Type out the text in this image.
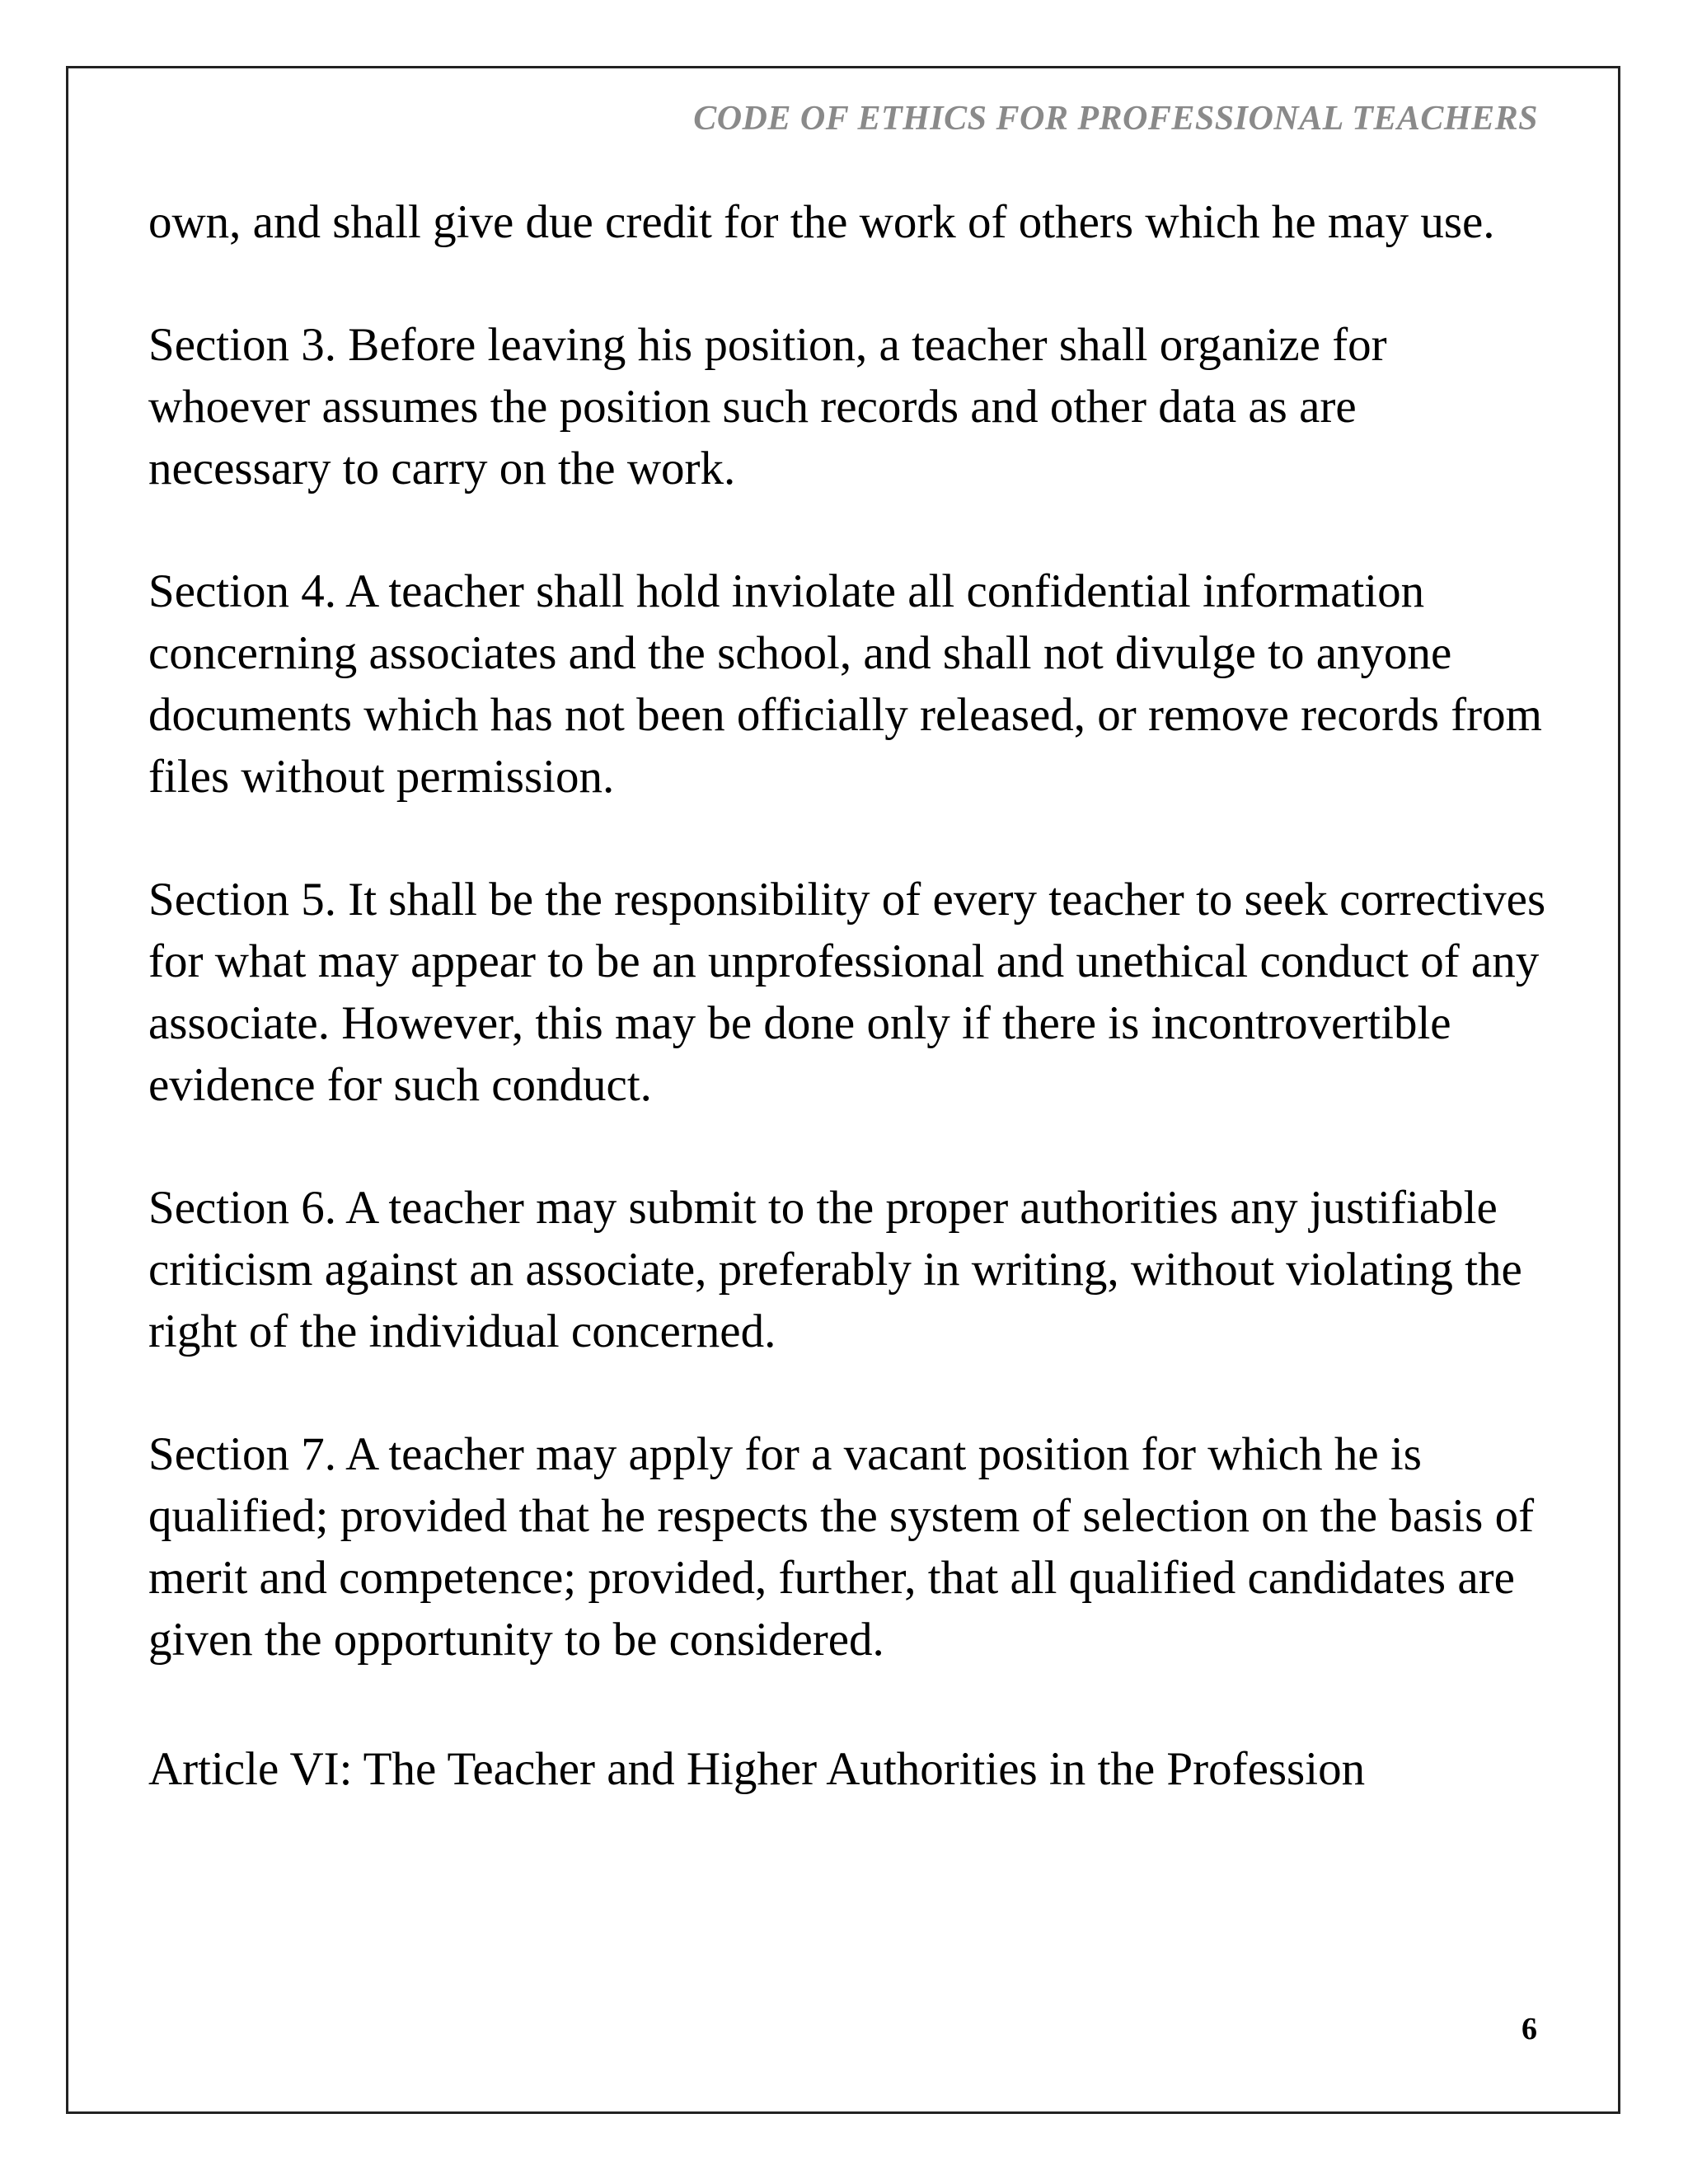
CODE OF ETHICS FOR PROFESSIONAL TEACHERS

own, and shall give due credit for the work of others which he may use.

Section 3. Before leaving his position, a teacher shall organize for whoever assumes the position such records and other data as are necessary to carry on the work.

Section 4. A teacher shall hold inviolate all confidential information concerning associates and the school, and shall not divulge to anyone documents which has not been officially released, or remove records from files without permission.

Section 5. It shall be the responsibility of every teacher to seek correctives for what may appear to be an unprofessional and unethical conduct of any associate. However, this may be done only if there is incontrovertible evidence for such conduct.

Section 6. A teacher may submit to the proper authorities any justifiable criticism against an associate, preferably in writing, without violating the right of the individual concerned.

Section 7. A teacher may apply for a vacant position for which he is qualified; provided that he respects the system of selection on the basis of merit and competence; provided, further, that all qualified candidates are given the opportunity to be considered.

Article VI: The Teacher and Higher Authorities in the Profession
6
